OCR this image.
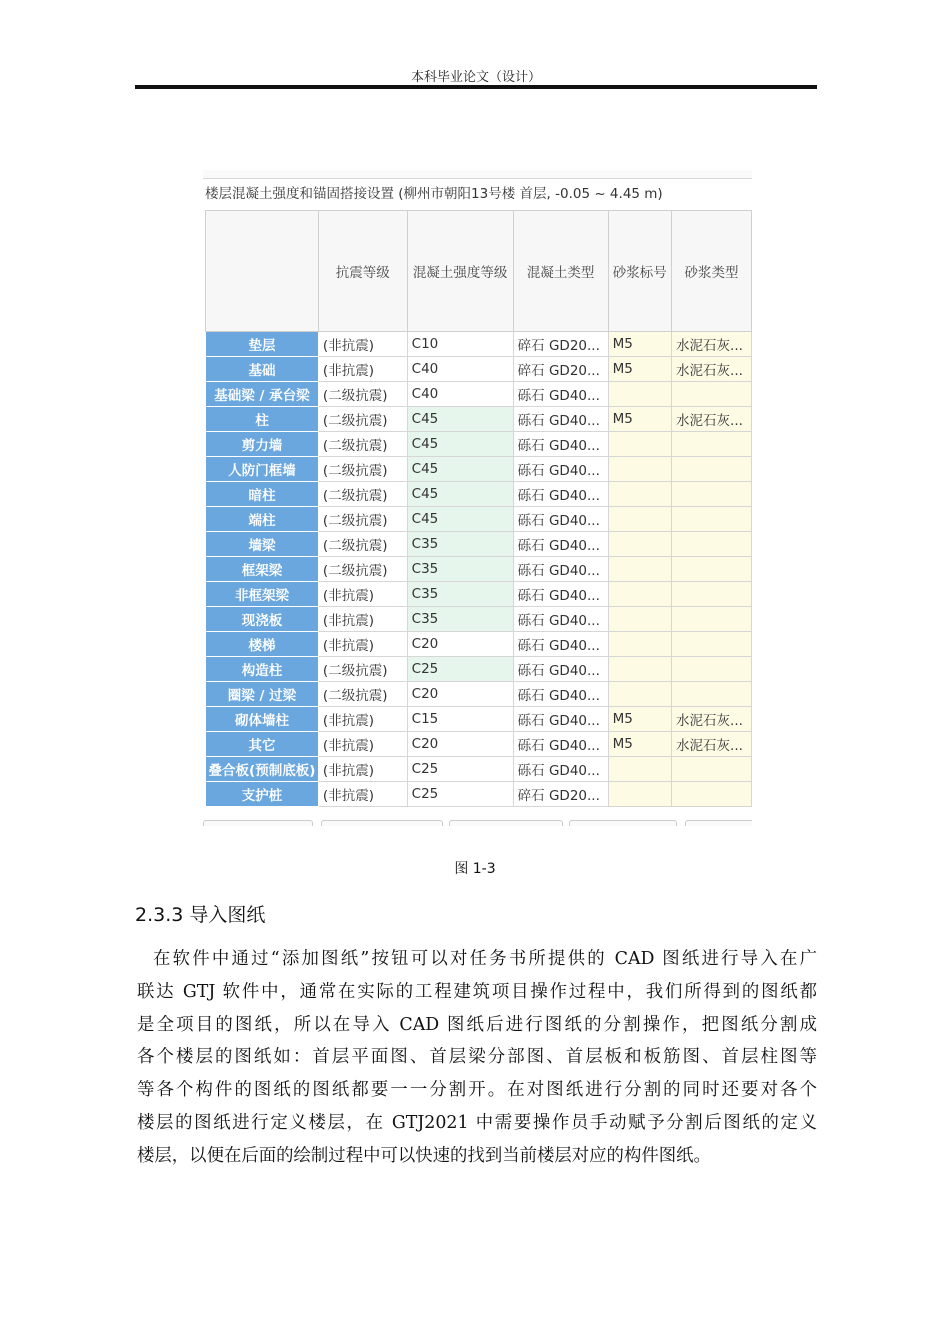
本科毕业论文（设计）
楼层混凝土强度和锚固搭接设置 (柳州市朝阳13号楼 首层, -0.05 ~ 4.45 m)
	抗震等级	混凝土强度等级	混凝土类型	砂浆标号	砂浆类型
垫层	(非抗震)	C10	碎石 GD20...	M5	水泥石灰...
基础	(非抗震)	C40	碎石 GD20...	M5	水泥石灰...
基础梁 / 承台梁	(二级抗震)	C40	砾石 GD40...		
柱	(二级抗震)	C45	砾石 GD40...	M5	水泥石灰...
剪力墙	(二级抗震)	C45	砾石 GD40...		
人防门框墙	(二级抗震)	C45	砾石 GD40...		
暗柱	(二级抗震)	C45	砾石 GD40...		
端柱	(二级抗震)	C45	砾石 GD40...		
墙梁	(二级抗震)	C35	砾石 GD40...		
框架梁	(二级抗震)	C35	砾石 GD40...		
非框架梁	(非抗震)	C35	砾石 GD40...		
现浇板	(非抗震)	C35	砾石 GD40...		
楼梯	(非抗震)	C20	砾石 GD40...		
构造柱	(二级抗震)	C25	砾石 GD40...		
圈梁 / 过梁	(二级抗震)	C20	砾石 GD40...		
砌体墙柱	(非抗震)	C15	砾石 GD40...	M5	水泥石灰...
其它	(非抗震)	C20	砾石 GD40...	M5	水泥石灰...
叠合板(预制底板)	(非抗震)	C25	砾石 GD40...		
支护桩	(非抗震)	C25	碎石 GD20...		
图 1-3
2.3.3 导入图纸
在软件中通过“添加图纸”按钮可以对任务书所提供的 CAD 图纸进行导入在广
联达 GTJ 软件中，通常在实际的工程建筑项目操作过程中，我们所得到的图纸都
是全项目的图纸，所以在导入 CAD 图纸后进行图纸的分割操作，把图纸分割成
各个楼层的图纸如：首层平面图、首层梁分部图、首层板和板筋图、首层柱图等
等各个构件的图纸的图纸都要一一分割开。在对图纸进行分割的同时还要对各个
楼层的图纸进行定义楼层，在 GTJ2021 中需要操作员手动赋予分割后图纸的定义
楼层，以便在后面的绘制过程中可以快速的找到当前楼层对应的构件图纸。
